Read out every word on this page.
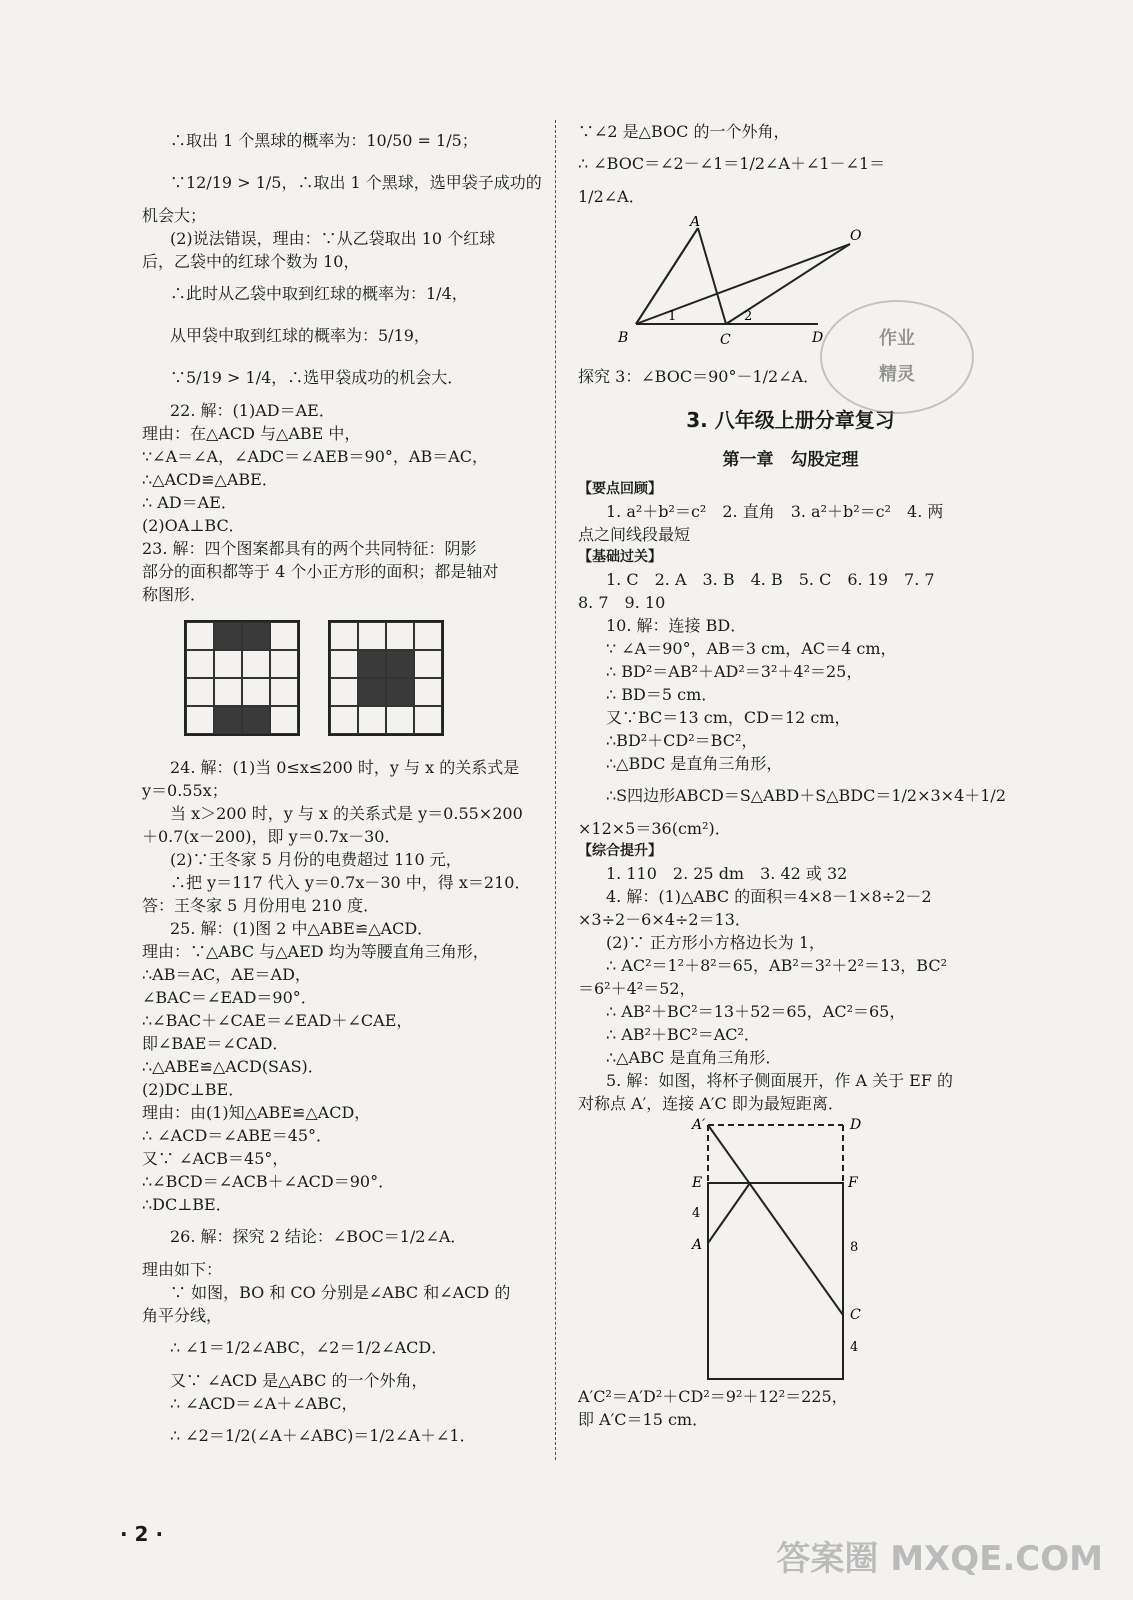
∴取出 1 个黑球的概率为：10/50 = 1/5；
∵12/19 > 1/5，∴取出 1 个黑球，选甲袋子成功的
机会大；
(2)说法错误，理由：∵从乙袋取出 10 个红球
后，乙袋中的红球个数为 10，
∴此时从乙袋中取到红球的概率为：1/4，
从甲袋中取到红球的概率为：5/19，
∵5/19 > 1/4，∴选甲袋成功的机会大．
22. 解：(1)AD＝AE．
理由：在△ACD 与△ABE 中，
∵∠A＝∠A，∠ADC＝∠AEB＝90°，AB＝AC，
∴△ACD≌△ABE．
∴ AD＝AE．
(2)OA⊥BC．
23. 解：四个图案都具有的两个共同特征：阴影
部分的面积都等于 4 个小正方形的面积；都是轴对
称图形．
24. 解：(1)当 0≤x≤200 时，y 与 x 的关系式是
y＝0.55x；
当 x＞200 时，y 与 x 的关系式是 y＝0.55×200
＋0.7(x－200)，即 y＝0.7x－30．
(2)∵王冬家 5 月份的电费超过 110 元，
∴把 y＝117 代入 y＝0.7x－30 中，得 x＝210．
答：王冬家 5 月份用电 210 度．
25. 解：(1)图 2 中△ABE≌△ACD．
理由：∵△ABC 与△AED 均为等腰直角三角形，
∴AB＝AC，AE＝AD，
∠BAC＝∠EAD＝90°．
∴∠BAC＋∠CAE＝∠EAD＋∠CAE，
即∠BAE＝∠CAD．
∴△ABE≌△ACD(SAS)．
(2)DC⊥BE．
理由：由(1)知△ABE≌△ACD，
∴ ∠ACD＝∠ABE＝45°．
又∵ ∠ACB＝45°，
∴∠BCD＝∠ACB＋∠ACD＝90°．
∴DC⊥BE．
26. 解：探究 2 结论：∠BOC＝1/2∠A．
理由如下：
∵ 如图，BO 和 CO 分别是∠ABC 和∠ACD 的
角平分线，
∴ ∠1＝1/2∠ABC，∠2＝1/2∠ACD．
又∵ ∠ACD 是△ABC 的一个外角，
∴ ∠ACD＝∠A＋∠ABC，
∴ ∠2＝1/2(∠A＋∠ABC)＝1/2∠A＋∠1．
∵∠2 是△BOC 的一个外角，
∴ ∠BOC＝∠2－∠1＝1/2∠A＋∠1－∠1＝
1/2∠A．
A
O
B	C	D
1	2
探究 3：∠BOC＝90°－1/2∠A．
3. 八年级上册分章复习
第一章　勾股定理
【要点回顾】
1. a²＋b²＝c²　2. 直角　3. a²＋b²＝c²　4. 两
点之间线段最短
【基础过关】
1. C　2. A　3. B　4. B　5. C　6. 19　7. 7
8. 7　9. 10
10. 解：连接 BD．
∵ ∠A＝90°，AB＝3 cm，AC＝4 cm，
∴ BD²＝AB²＋AD²＝3²＋4²＝25，
∴ BD＝5 cm．
又∵BC＝13 cm，CD＝12 cm，
∴BD²＋CD²＝BC²，
∴△BDC 是直角三角形，
∴S四边形ABCD＝S△ABD＋S△BDC＝1/2×3×4＋1/2
×12×5＝36(cm²)．
【综合提升】
1. 110　2. 25 dm　3. 42 或 32
4. 解：(1)△ABC 的面积＝4×8－1×8÷2－2
×3÷2－6×4÷2＝13．
(2)∵ 正方形小方格边长为 1，
∴ AC²＝1²＋8²＝65，AB²＝3²＋2²＝13，BC²
＝6²＋4²＝52，
∴ AB²＋BC²＝13＋52＝65，AC²＝65，
∴ AB²＋BC²＝AC²．
∴△ABC 是直角三角形．
5. 解：如图，将杯子侧面展开，作 A 关于 EF 的
对称点 A′，连接 A′C 即为最短距离．
A′	D
E	F
4
A	8
C
4
A′C²＝A′D²＋CD²＝9²＋12²＝225，
即 A′C＝15 cm．
作业
精灵
· 2 ·
答案圈 MXQE.COM
